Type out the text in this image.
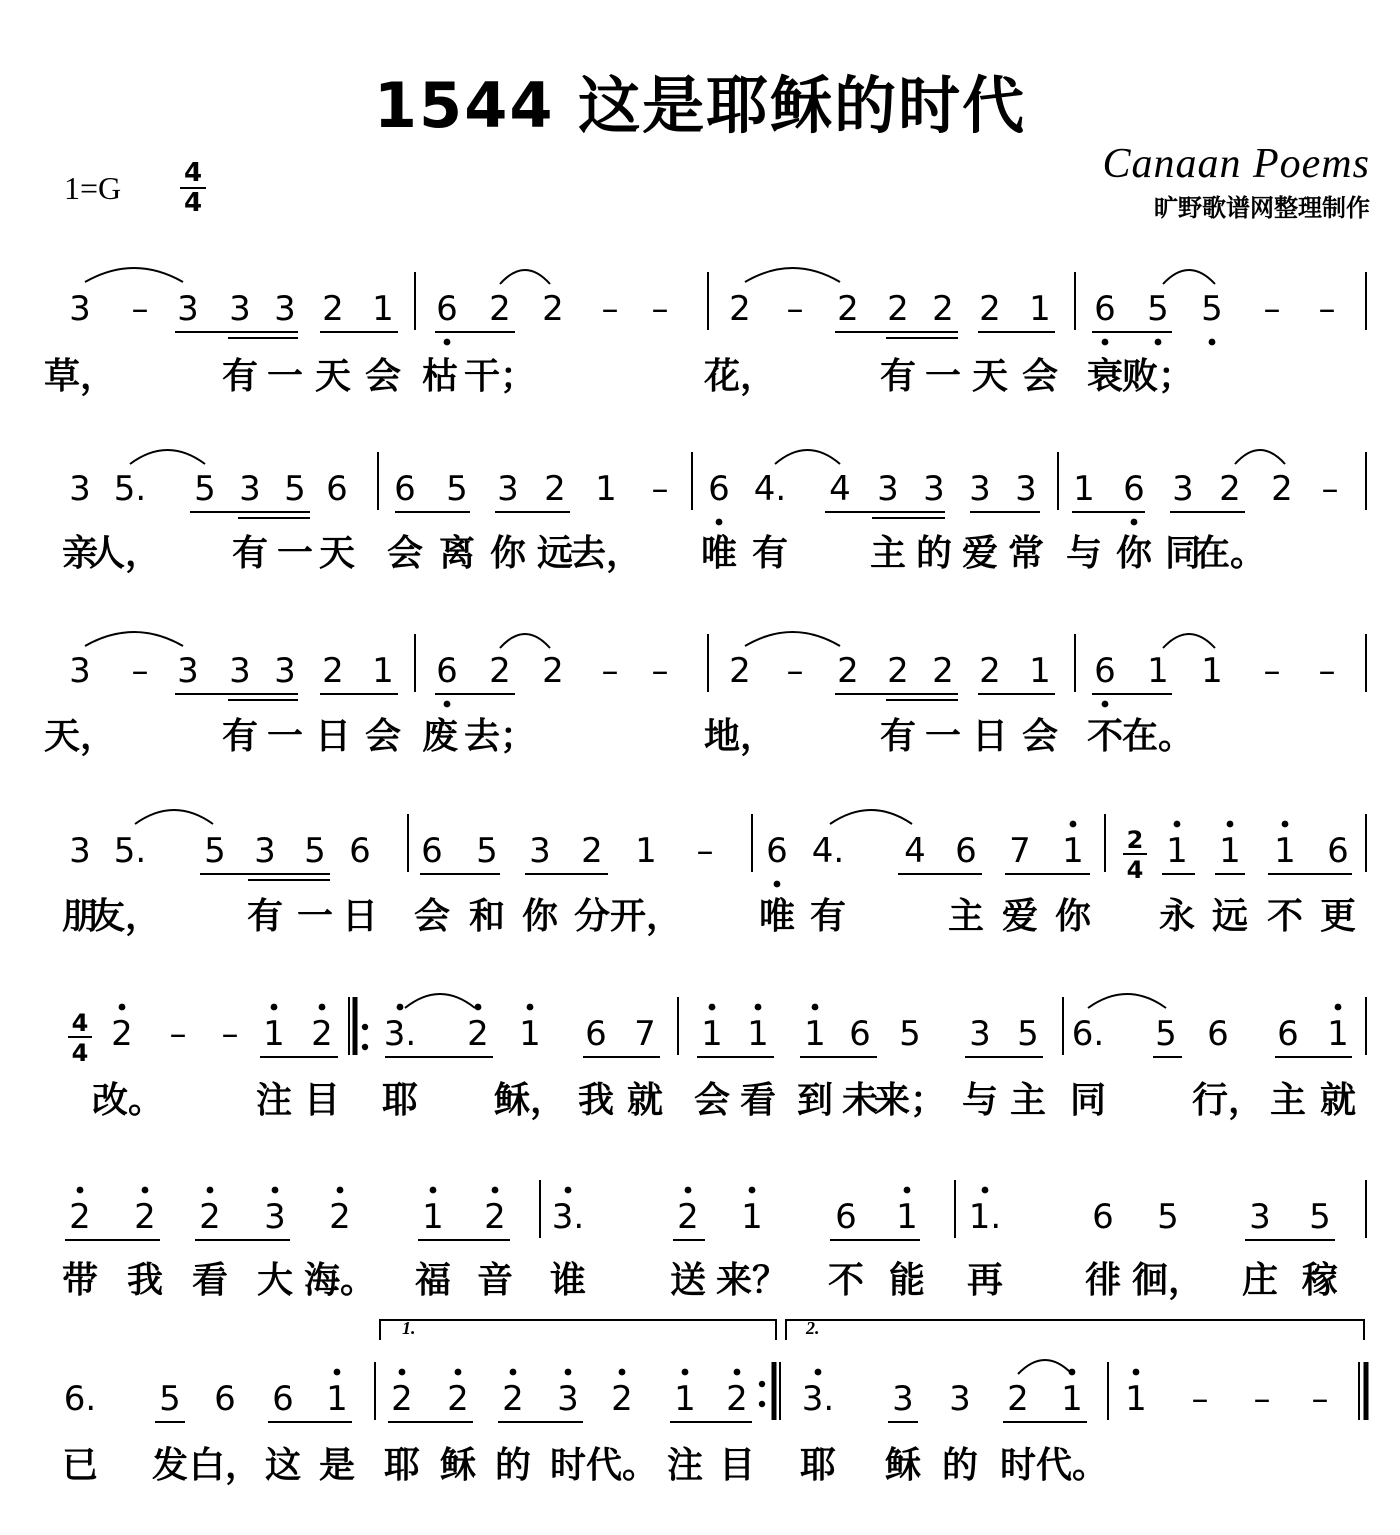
1544 这是耶稣的时代
1=G 4
4
Canaan Poems
旷野歌谱网整理制作
3 – 3 3 3 2 1 6 2 2 – – 2 – 2 2 2 2 1 6 5 5 – –
草，	有 一 天 会 枯 干；	花，	有 一 天 会 衰
败；
3 5. 5 3 5 6 6 5 3 2 1 – 6 4. 4 3 3 3 3 1 6 3 2 2 –
亲
人， 有 一 天 会 离 你 远
去， 唯 有 主 的 爱 常 与 你 同
在。
3 – 3 3 3 2 1 6 2 2 – – 2 – 2 2 2 2 1 6 1 1 – –
天，	有 一 日 会 废 去；	地，	有 一 日 会 不
在。
3 5. 5 3 5 6 6 5 3 2 1 – 6 4. 4 6 7 1 2
4 1 1 1 6
朋
友， 有 一 日 会 和 你 分 开， 唯 有	主 爱 你 永 远 不 更
4
4 2 – – 1 2 3. 2 1 6 7 1 1 1 6 5 3 5 6. 5 6 6 1
改。	注 目 耶 稣， 我 就 会 看 到 未
来； 与 主 同 行， 主 就
2 2 2 3 2 1 2 3.	2 1 6 1 1.	6 5 3 5
带 我 看 大 海。 福 音 谁 送 来？ 不 能 再 徘 徊， 庄 稼
6. 5 6 6 1 2 2 2 3 2 1 2 3. 3 3 2 1 1 – – –
已 发 白， 这 是 耶 稣 的 时 代。 注 目 耶 稣 的 时 代。
1.	2.
